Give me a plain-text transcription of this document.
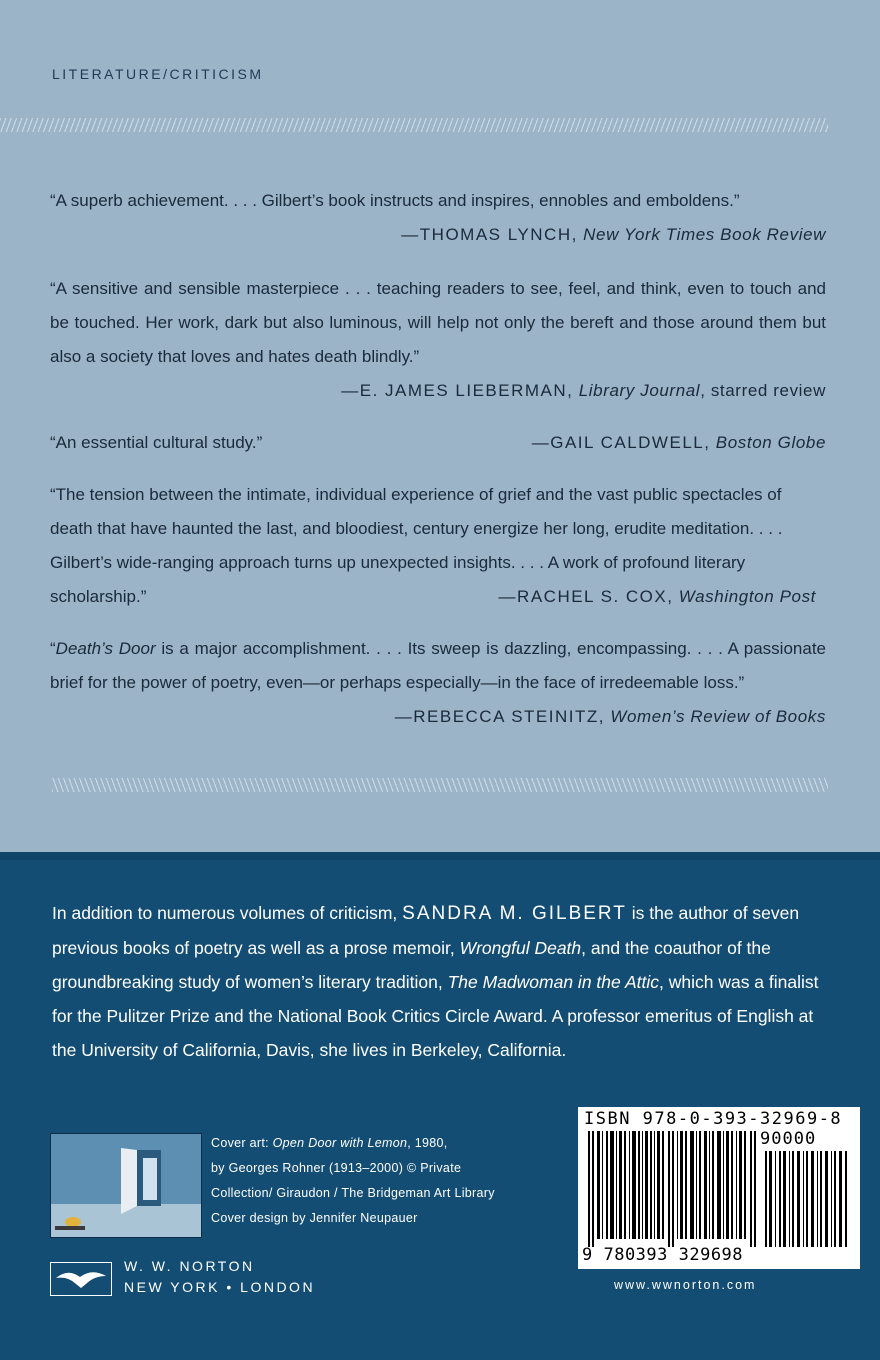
LITERATURE/CRITICISM

“A superb achievement. . . . Gilbert’s book instructs and inspires, ennobles and emboldens.”

—THOMAS LYNCH, New York Times Book Review

“A sensitive and sensible masterpiece . . . teaching readers to see, feel, and think, even to touch and be touched. Her work, dark but also luminous, will help not only the bereft and those around them but also a society that loves and hates death blindly.”

—E. JAMES LIEBERMAN, Library Journal, starred review

“An essential cultural study.”	—GAIL CALDWELL, Boston Globe

“The tension between the intimate, individual experience of grief and the vast public spectacles of death that have haunted the last, and bloodiest, century energize her long, erudite meditation. . . . Gilbert’s wide-ranging approach turns up unexpected insights. . . . A work of profound literary scholarship.”	—RACHEL S. COX, Washington Post

“Death’s Door is a major accomplishment. . . . Its sweep is dazzling, encompassing. . . . A passionate brief for the power of poetry, even—or perhaps especially—in the face of irredeemable loss.”

—REBECCA STEINITZ, Women’s Review of Books
In addition to numerous volumes of criticism, SANDRA M. GILBERT is the author of seven previous books of poetry as well as a prose memoir, Wrongful Death, and the coauthor of the groundbreaking study of women’s literary tradition, The Madwoman in the Attic, which was a finalist for the Pulitzer Prize and the National Book Critics Circle Award. A professor emeritus of English at the University of California, Davis, she lives in Berkeley, California.
Cover art: Open Door with Lemon, 1980,
by Georges Rohner (1913–2000) © Private
Collection/ Giraudon / The Bridgeman Art Library
Cover design by Jennifer Neupauer
W. W. NORTON
NEW YORK • LONDON
ISBN 978-0-393-32969-8
90000
9 780393 329698
www.wwnorton.com
